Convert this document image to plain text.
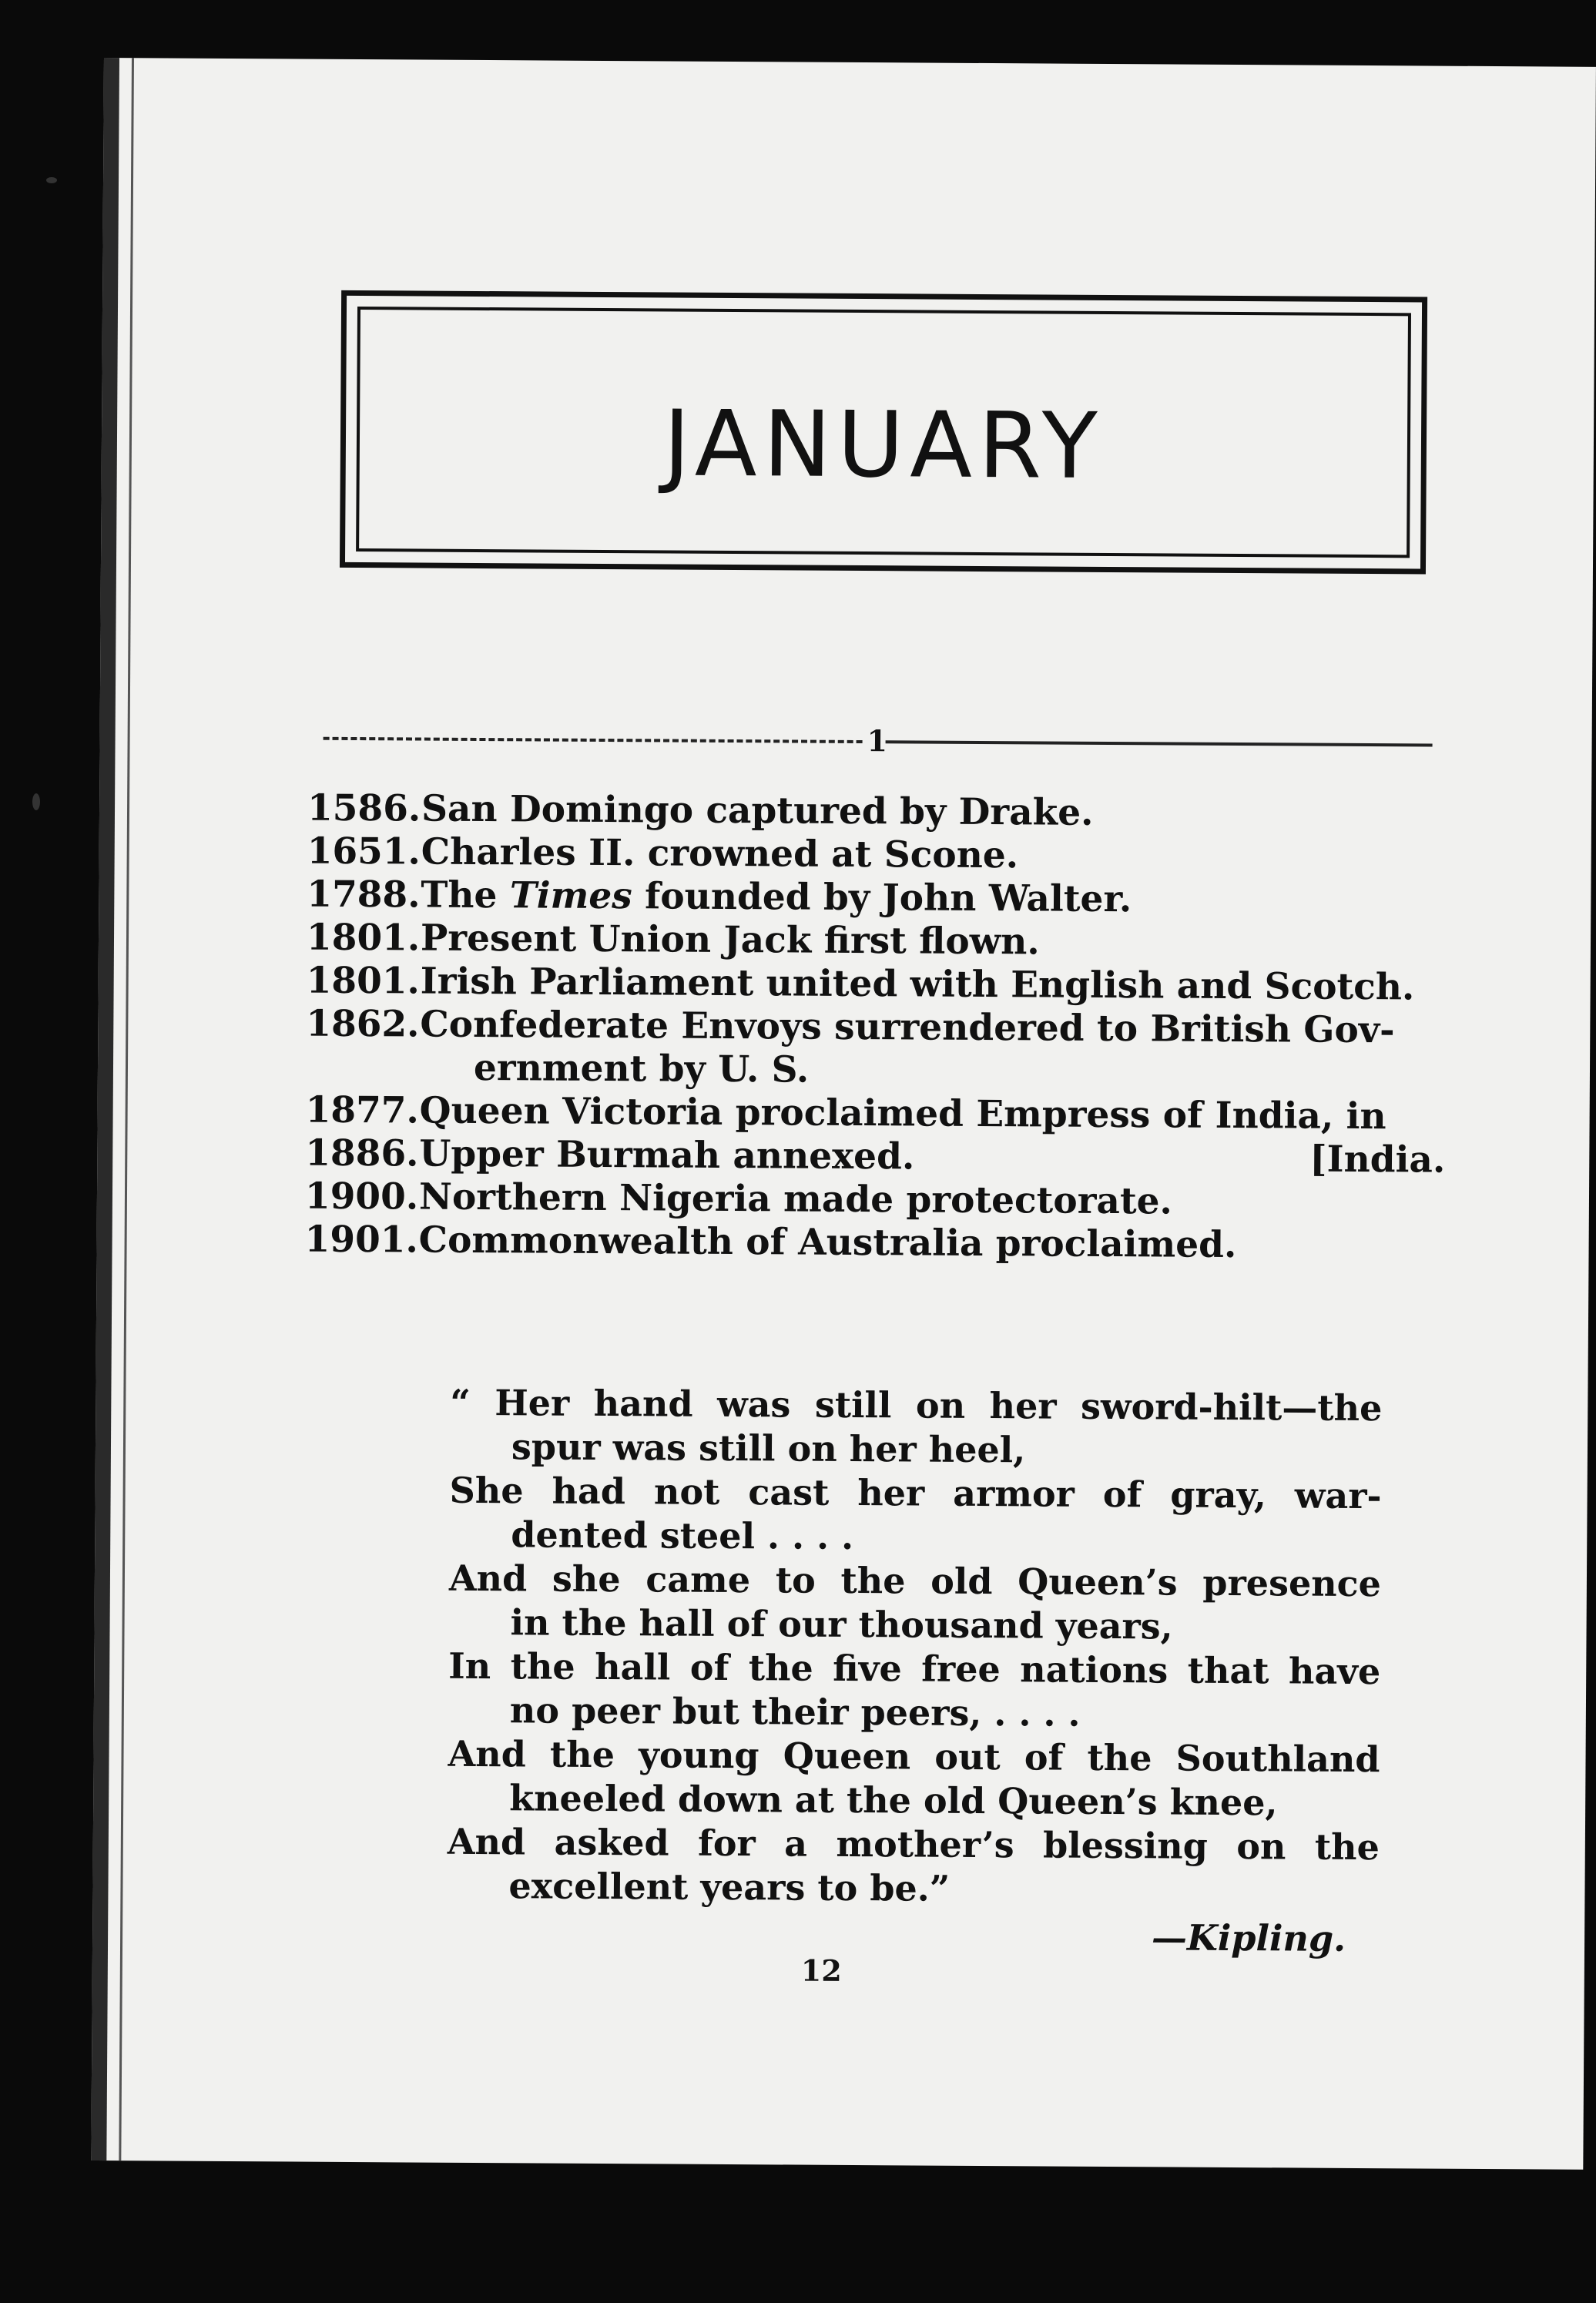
JANUARY
1
1586. San Domingo captured by Drake.
1651. Charles II. crowned at Scone.
1788. The Times founded by John Walter.
1801. Present Union Jack first flown.
1801. Irish Parliament united with English and Scotch.
1862. Confederate Envoys surrendered to British Gov-
ernment by U. S.
1877. Queen Victoria proclaimed Empress of India, in
1886.	[India.
Upper Burmah annexed.
1900. Northern Nigeria made protectorate.
1901. Commonwealth of Australia proclaimed.

“ Her hand was still on her sword-hilt—the

spur was still on her heel,

She had not cast her armor of gray, war-

dented steel . . . .

And she came to the old Queen’s presence

in the hall of our thousand years,

In the hall of the five free nations that have

no peer but their peers, . . . .

And the young Queen out of the Southland

kneeled down at the old Queen’s knee,

And asked for a mother’s blessing on the

excellent years to be.”

—Kipling.
12
